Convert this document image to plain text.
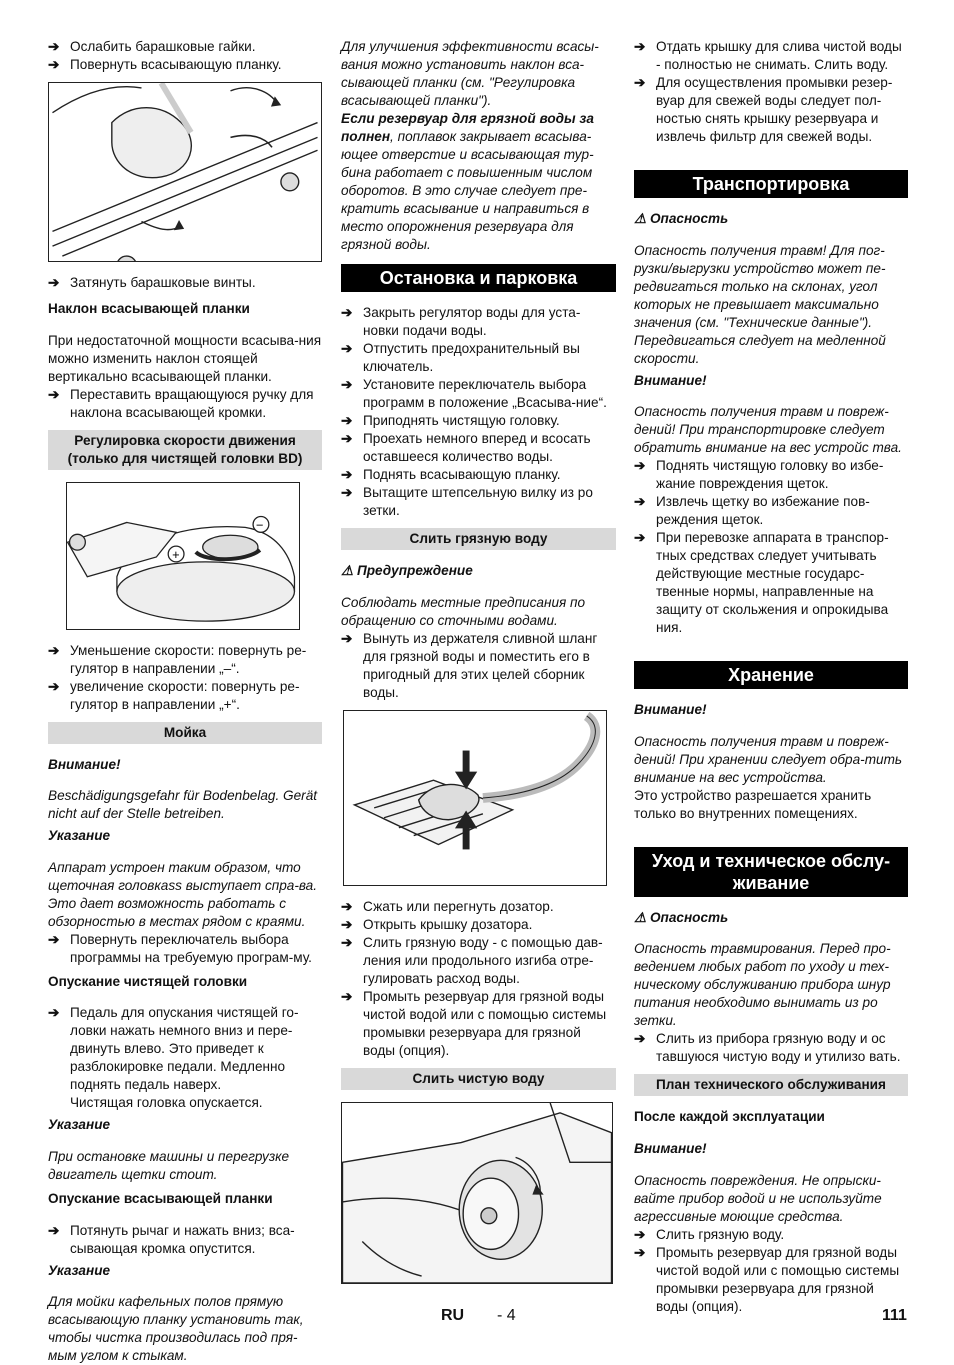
➔ Ослабить барашковые гайки.

➔ Повернуть всасывающую планку.

➔ Затянуть барашковые винты.

Наклон всасывающей планки

При недостаточной мощности всасыва-ния можно изменить наклон стоящей вертикально всасывающей планки.

➔ Переставить вращающуюся ручку для наклона всасывающей кромки.

Регулировка скорости движения (только для чистящей головки BD)
+
−

➔ Уменьшение скорости: повернуть ре-гулятор в направлении „–“.

➔ увеличение скорости: повернуть ре-гулятор в направлении „+“.

Мойка

Внимание!

Beschädigungsgefahr für Bodenbelag. Gerät nicht auf der Stelle betreiben.

Указание

Аппарат устроен таким образом, что щеточная головкass выступает спра-ва. Это дает возможность работать с обзорностью в местах рядом с краями.

➔ Повернуть переключатель выбора программы на требуемую програм-му.

Опускание чистящей головки

➔ Педаль для опускания чистящей го-ловки нажать немного вниз и пере-двинуть влево. Это приведет к разблокировке педали. Медленно поднять педаль наверх.

Чистящая головка опускается.

Указание

При остановке машины и перегрузке двигатель щетки стоит.

Опускание всасывающей планки

➔ Потянуть рычаг и нажать вниз; вса-сывающая кромка опустится.

Указание

Для мойки кафельных полов прямую всасывающую планку установить так, чтобы чистка производилась под пря-мым углом к стыкам.

Для улучшения эффективности всасы-вания можно установить наклон вса-сывающей планки (см. "Регулировка всасывающей планки").

Если резервуар для грязной воды за полнен, поплавок закрывает всасыва-ющее отверстие и всасывающая тур-бина работает с повышенным числом оборотов. В это случае следует пре-кратить всасывание и направиться в место опорожнения резервуара для грязной воды.

Остановка и парковка

➔ Закрыть регулятор воды для уста-новки подачи воды.

➔ Отпустить предохранительный вы ключатель.

➔ Установите переключатель выбора программ в положение „Всасыва-ние“.

➔ Приподнять чистящую головку.

➔ Проехать немного вперед и всосать оставшееся количество воды.

➔ Поднять всасывающую планку.

➔ Вытащите штепсельную вилку из ро зетки.

Слить грязную воду

⚠ Предупреждение

Соблюдать местные предписания по обращению со сточными водами.

➔ Вынуть из держателя сливной шланг для грязной воды и поместить его в пригодный для этих целей сборник воды.

➔ Сжать или перегнуть дозатор.

➔ Открыть крышку дозатора.

➔ Слить грязную воду - с помощью дав-ления или продольного изгиба отре-гулировать расход воды.

➔ Промыть резервуар для грязной воды чистой водой или с помощью системы промывки резервуара для грязной воды (опция).

Слить чистую воду

➔ Отдать крышку для слива чистой воды - полностью не снимать. Слить воду.

➔ Для осуществления промывки резер-вуар для свежей воды следует пол-ностью снять крышку резервуара и извлечь фильтр для свежей воды.

Транспортировка

⚠ Опасность

Опасность получения травм! Для пог-рузки/выгрузки устройство может пе-редвигаться только на склонах, угол которых не превышает максимально значения (см. "Технические данные"). Передвигаться следует на медленной скорости.

Внимание!

Опасность получения травм и повреж-дений! При транспортировке следует обратить внимание на вес устройс тва.

➔ Поднять чистящую головку во избе-жание повреждения щеток.

➔ Извлечь щетку во избежание пов-реждения щеток.

➔ При перевозке аппарата в транспор-тных средствах следует учитывать действующие местные государс-твенные нормы, направленные на защиту от скольжения и опрокидыва ния.

Хранение

Внимание!

Опасность получения травм и повреж-дений! При хранении следует обра-тить внимание на вес устройства.

Это устройство разрешается хранить только во внутренних помещениях.

Уход и техническое обслу-живание

⚠ Опасность

Опасность травмирования. Перед про-ведением любых работ по уходу и тех-ническому обслуживанию прибора шнур питания необходимо вынимать из ро зетки.

➔ Слить из прибора грязную воду и ос тавшуюся чистую воду и утилизо вать.

План технического обслуживания

После каждой эксплуатации

Внимание!

Опасность повреждения. Не опрыски-вайте прибор водой и не используйте агрессивные моющие средства.

➔ Слить грязную воду.

➔ Промыть резервуар для грязной воды чистой водой или с помощью системы промывки резервуара для грязной воды (опция).

RU - 4	111
